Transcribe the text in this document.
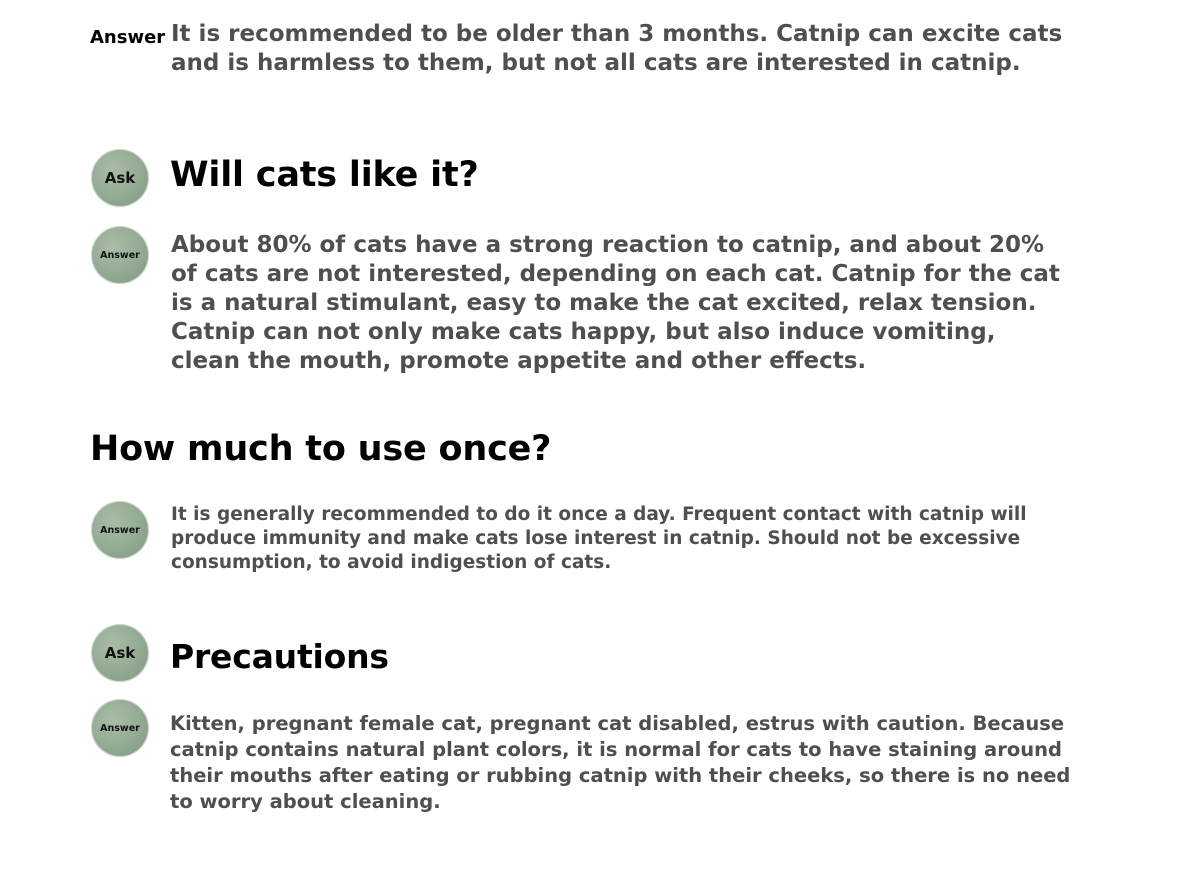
Answer It is recommended to be older than 3 months. Catnip can excite cats and is harmless to them, but not all cats are interested in catnip.
Ask Will cats like it?
Answer About 80% of cats have a strong reaction to catnip, and about 20% of cats are not interested, depending on each cat. Catnip for the cat is a natural stimulant, easy to make the cat excited, relax tension. Catnip can not only make cats happy, but also induce vomiting, clean the mouth, promote appetite and other effects.
How much to use once?
Answer
It is generally recommended to do it once a day. Frequent contact with catnip will produce immunity and make cats lose interest in catnip. Should not be excessive consumption, to avoid indigestion of cats.
Ask Precautions
Answer Kitten, pregnant female cat, pregnant cat disabled, estrus with caution. Because catnip contains natural plant colors, it is normal for cats to have staining around their mouths after eating or rubbing catnip with their cheeks, so there is no need to worry about cleaning.
